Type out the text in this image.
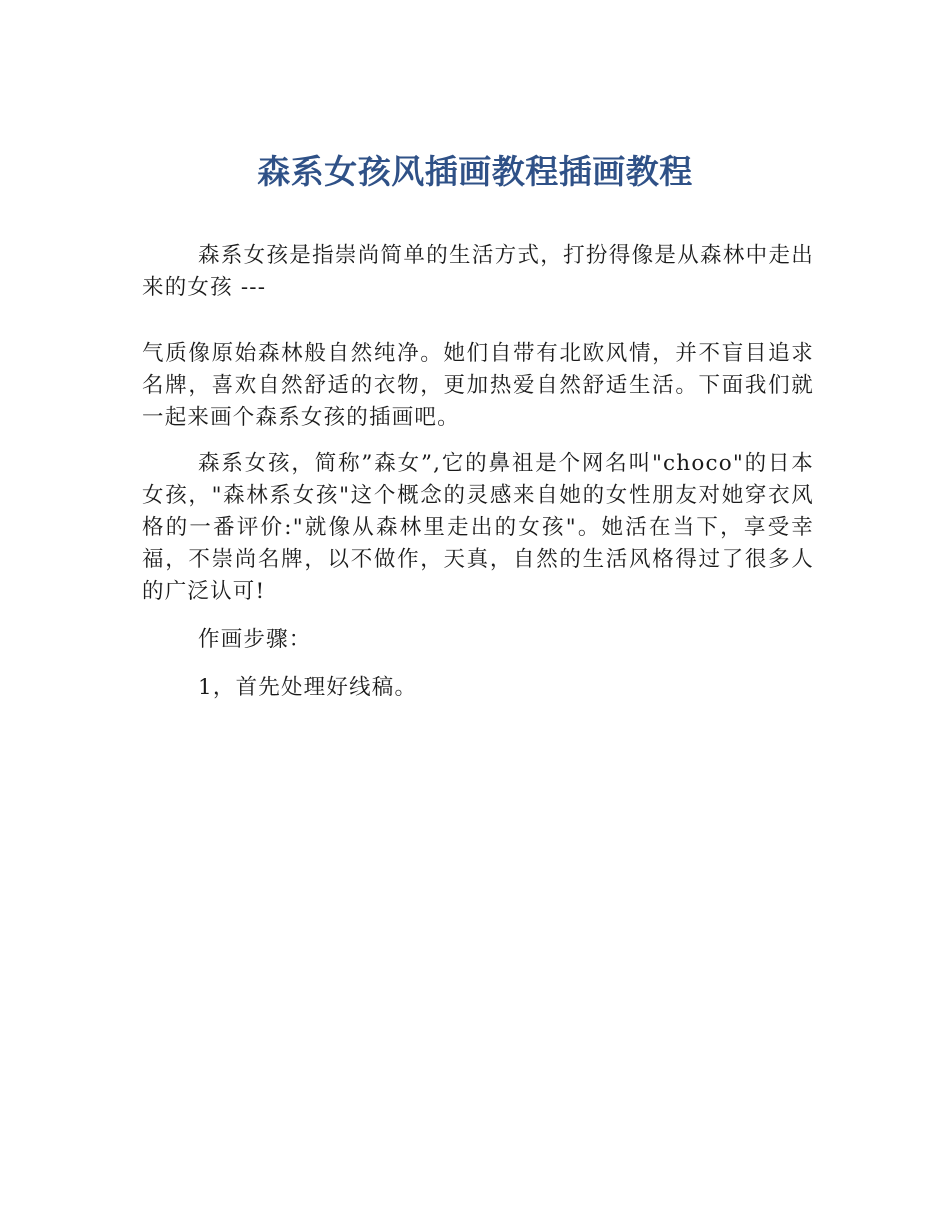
森系女孩风插画教程插画教程

森系女孩是指崇尚简单的生活方式，打扮得像是从森林中走出来的女孩 ---

气质像原始森林般自然纯净。她们自带有北欧风情，并不盲目追求名牌，喜欢自然舒适的衣物，更加热爱自然舒适生活。下面我们就一起来画个森系女孩的插画吧。

森系女孩，简称”森女”,它的鼻祖是个网名叫"choco"的日本女孩，"森林系女孩"这个概念的灵感来自她的女性朋友对她穿衣风格的一番评价:"就像从森林里走出的女孩"。她活在当下，享受幸福，不崇尚名牌，以不做作，天真，自然的生活风格得过了很多人的广泛认可!

作画步骤：

1，首先处理好线稿。
